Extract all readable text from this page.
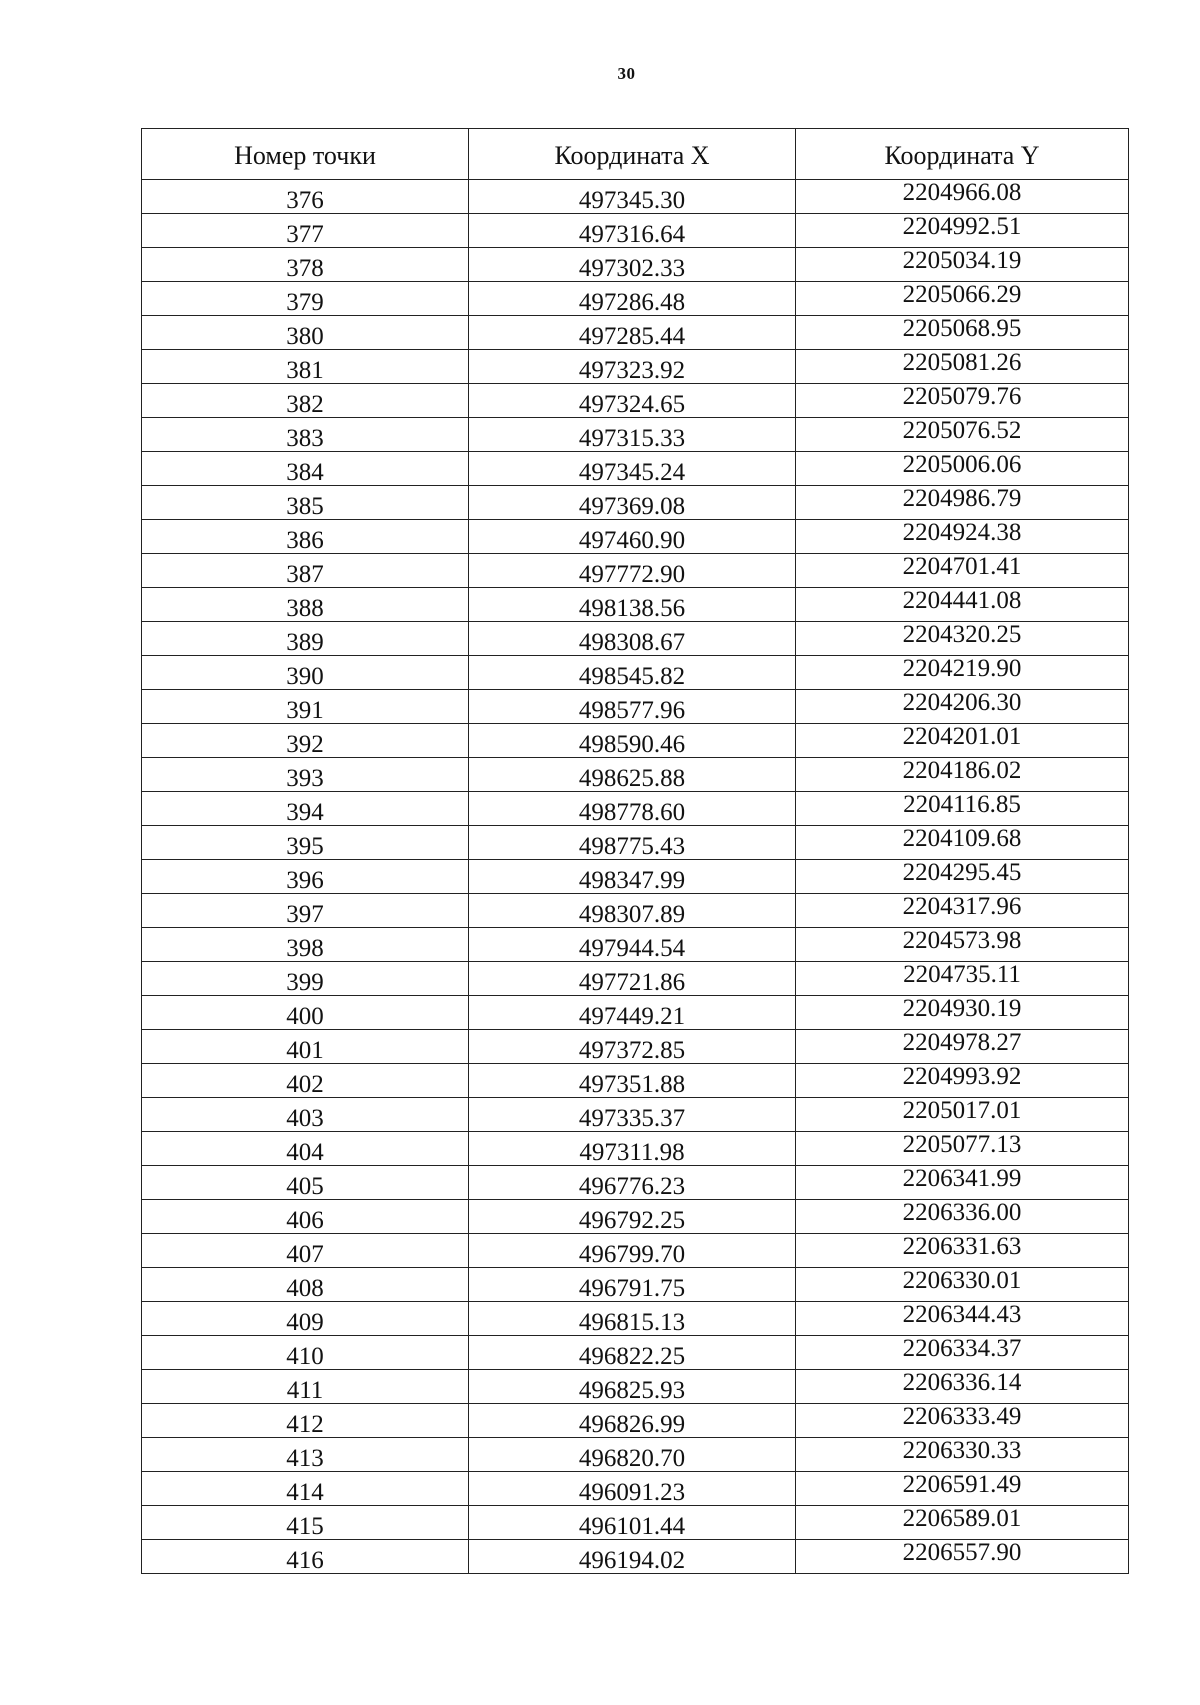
30
Номер точки	Координата X	Координата Y
376	497345.30	2204966.08
377	497316.64	2204992.51
378	497302.33	2205034.19
379	497286.48	2205066.29
380	497285.44	2205068.95
381	497323.92	2205081.26
382	497324.65	2205079.76
383	497315.33	2205076.52
384	497345.24	2205006.06
385	497369.08	2204986.79
386	497460.90	2204924.38
387	497772.90	2204701.41
388	498138.56	2204441.08
389	498308.67	2204320.25
390	498545.82	2204219.90
391	498577.96	2204206.30
392	498590.46	2204201.01
393	498625.88	2204186.02
394	498778.60	2204116.85
395	498775.43	2204109.68
396	498347.99	2204295.45
397	498307.89	2204317.96
398	497944.54	2204573.98
399	497721.86	2204735.11
400	497449.21	2204930.19
401	497372.85	2204978.27
402	497351.88	2204993.92
403	497335.37	2205017.01
404	497311.98	2205077.13
405	496776.23	2206341.99
406	496792.25	2206336.00
407	496799.70	2206331.63
408	496791.75	2206330.01
409	496815.13	2206344.43
410	496822.25	2206334.37
411	496825.93	2206336.14
412	496826.99	2206333.49
413	496820.70	2206330.33
414	496091.23	2206591.49
415	496101.44	2206589.01
416	496194.02	2206557.90
